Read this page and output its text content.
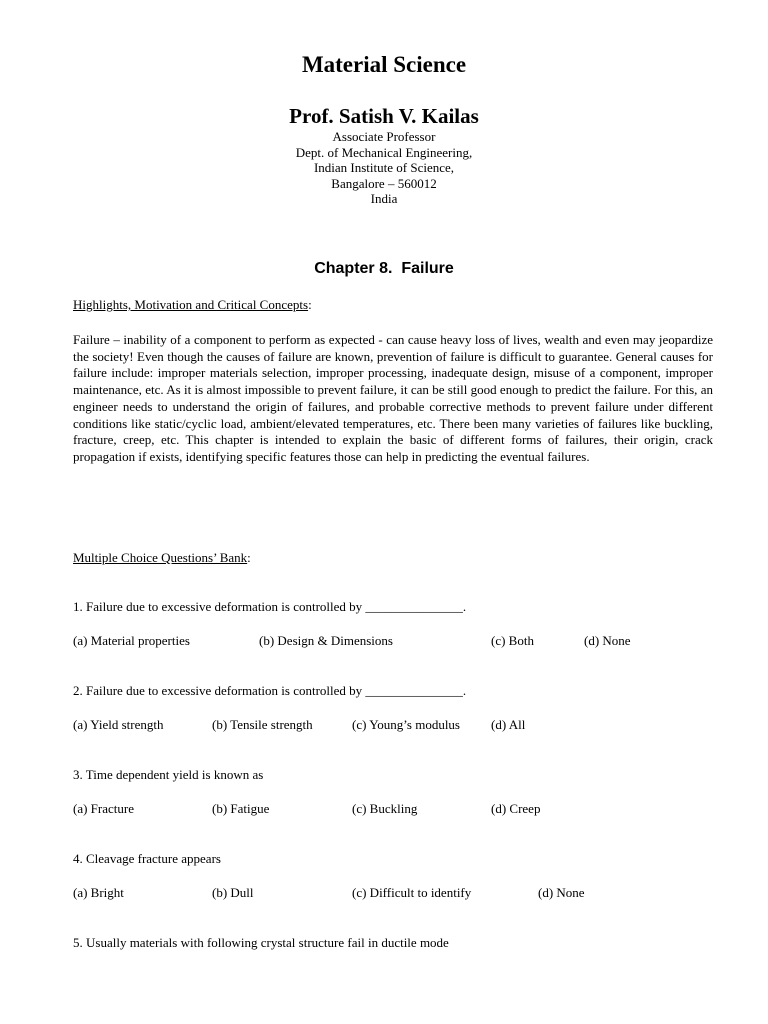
Material Science
Prof. Satish V. Kailas
Associate Professor
Dept. of Mechanical Engineering,
Indian Institute of Science,
Bangalore – 560012
India
Chapter 8. Failure
Highlights, Motivation and Critical Concepts:
Failure – inability of a component to perform as expected - can cause heavy loss of lives, wealth and even may jeopardize the society! Even though the causes of failure are known, prevention of failure is difficult to guarantee. General causes for failure include: improper materials selection, improper processing, inadequate design, misuse of a component, improper maintenance, etc. As it is almost impossible to prevent failure, it can be still good enough to predict the failure. For this, an engineer needs to understand the origin of failures, and probable corrective methods to prevent failure under different conditions like static/cyclic load, ambient/elevated temperatures, etc. There been many varieties of failures like buckling, fracture, creep, etc. This chapter is intended to explain the basic of different forms of failures, their origin, crack propagation if exists, identifying specific features those can help in predicting the eventual failures.
Multiple Choice Questions’ Bank:
1. Failure due to excessive deformation is controlled by _______________.
(a) Material properties	(b) Design & Dimensions	(c) Both	(d) None
2. Failure due to excessive deformation is controlled by _______________.
(a) Yield strength	(b) Tensile strength	(c) Young’s modulus (d) All
3. Time dependent yield is known as
(a) Fracture	(b) Fatigue	(c) Buckling	(d) Creep
4. Cleavage fracture appears
(a) Bright	(b) Dull	(c) Difficult to identify	(d) None
5. Usually materials with following crystal structure fail in ductile mode
